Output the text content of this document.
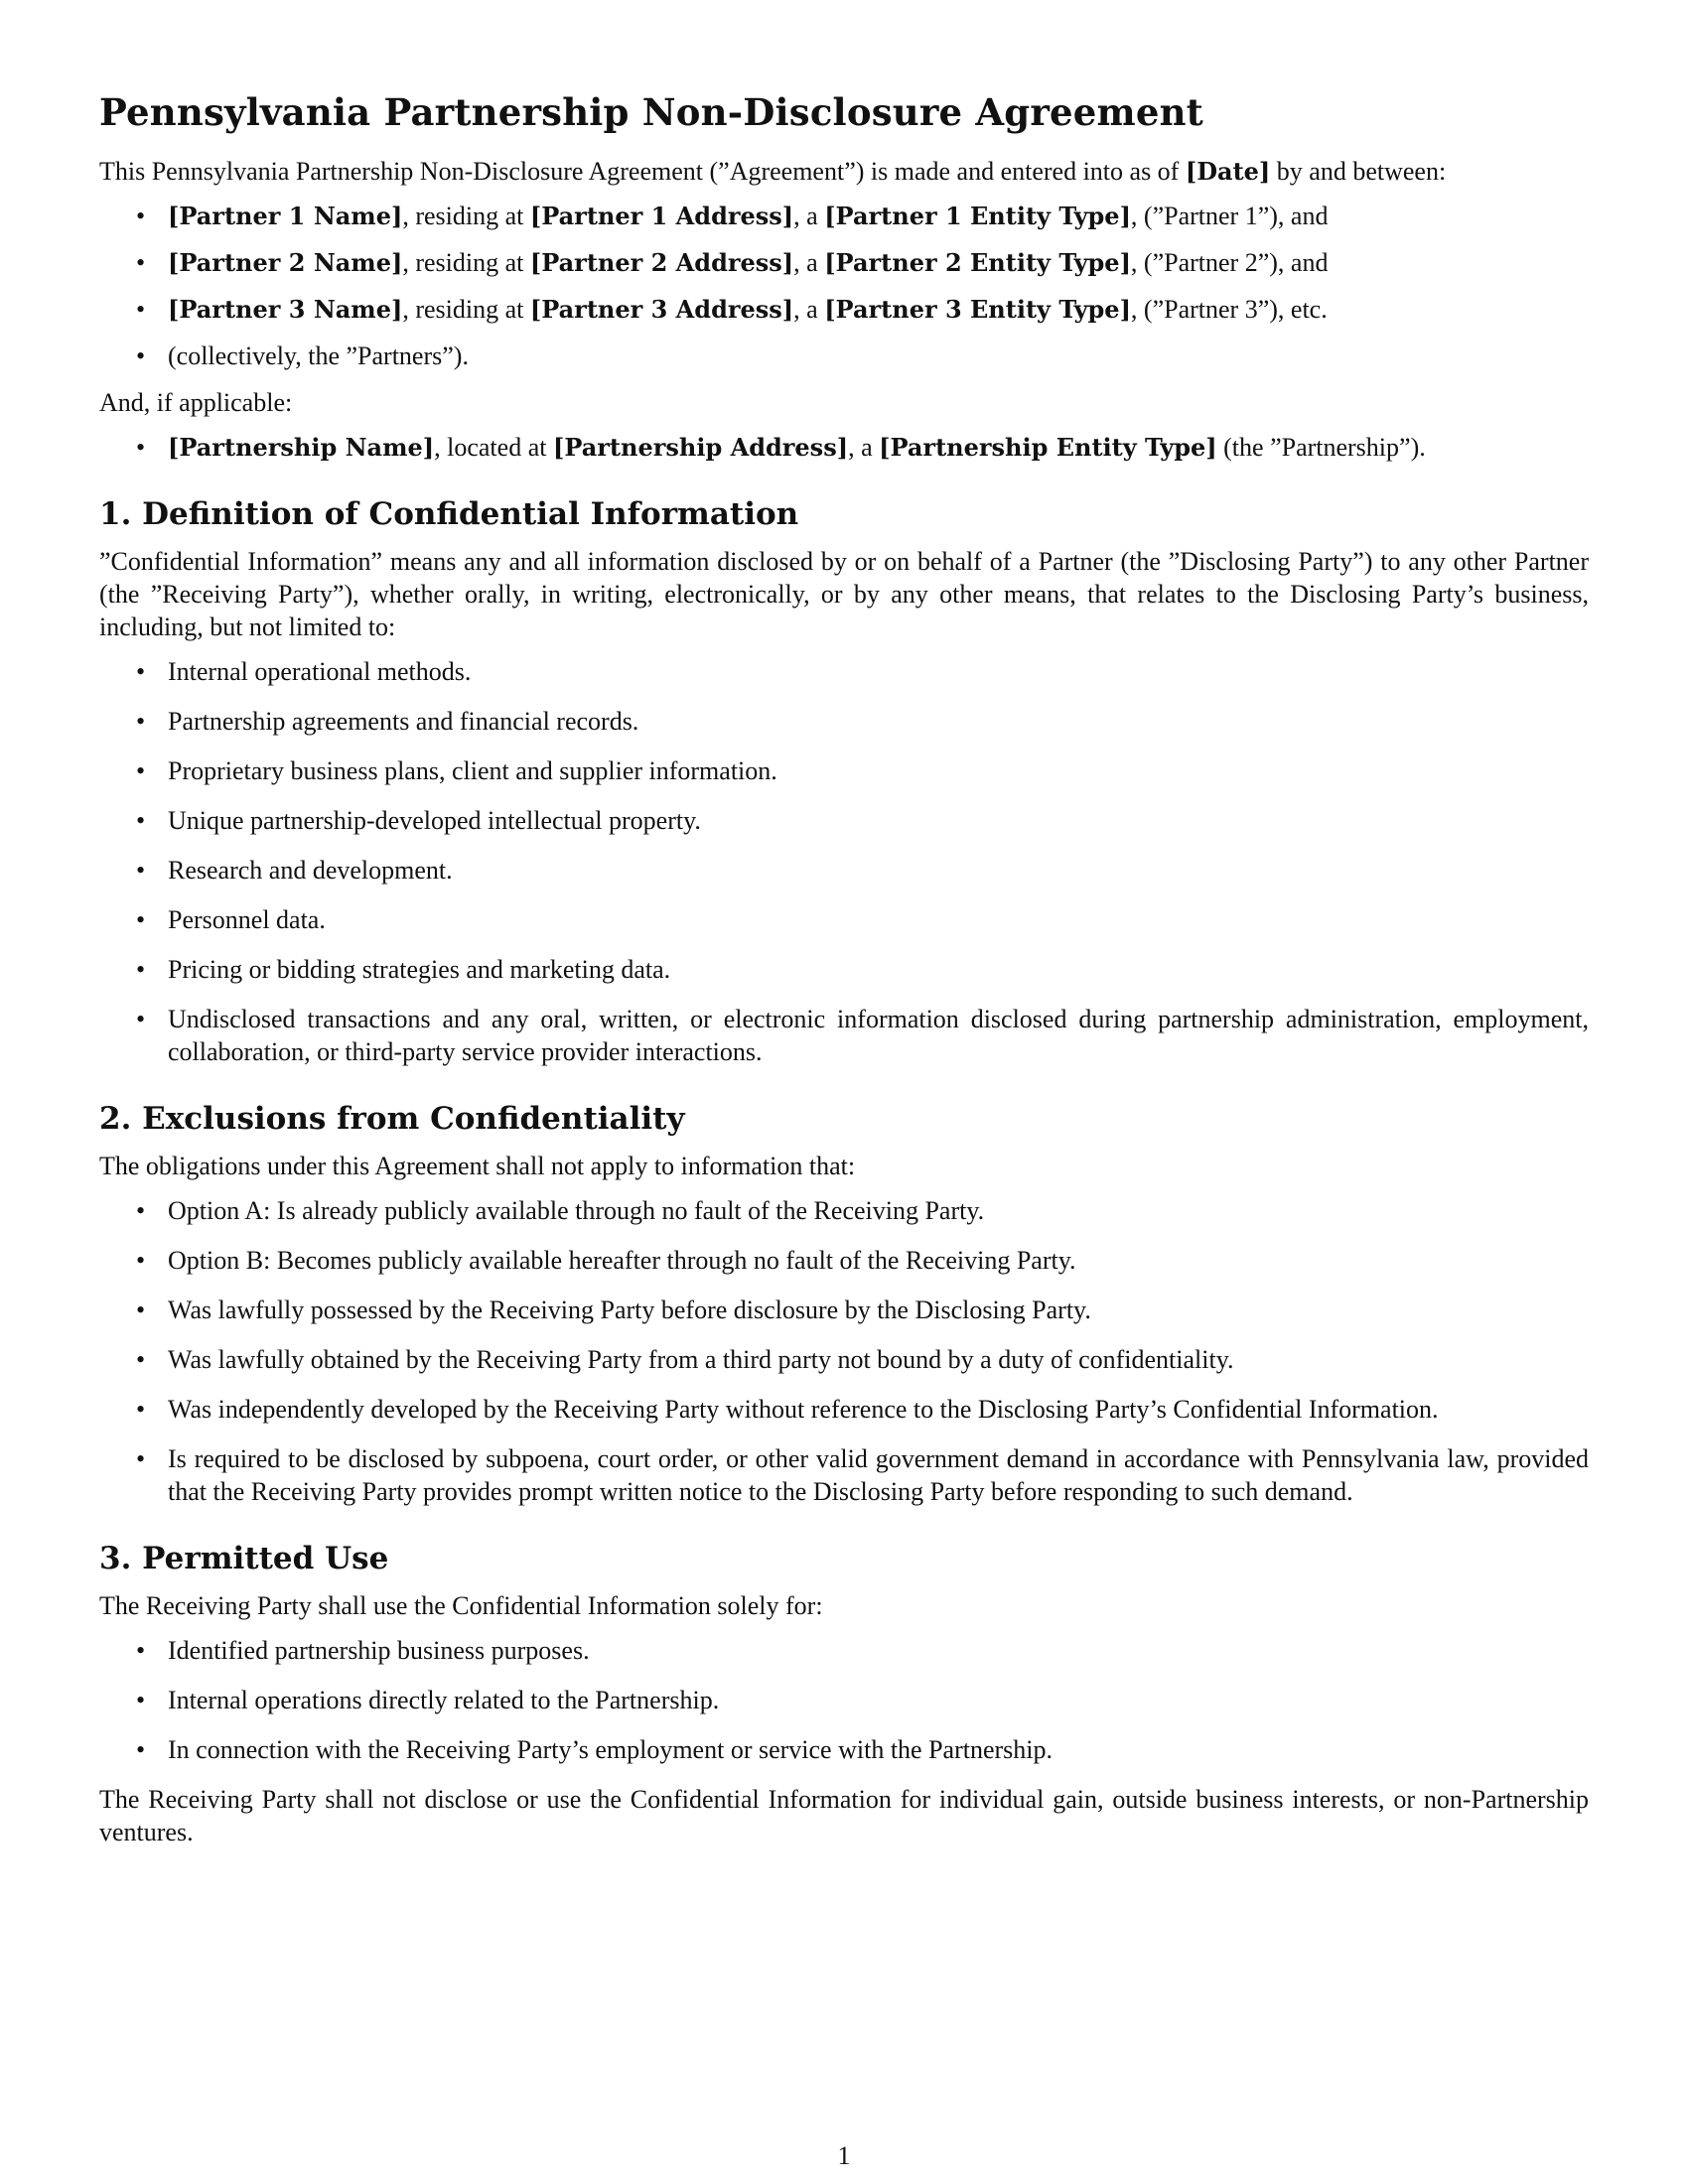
Pennsylvania Partnership Non-Disclosure Agreement

This Pennsylvania Partnership Non-Disclosure Agreement (”Agreement”) is made and entered into as of [Date] by and between:

• [Partner 1 Name], residing at [Partner 1 Address], a [Partner 1 Entity Type], (”Partner 1”), and
• [Partner 2 Name], residing at [Partner 2 Address], a [Partner 2 Entity Type], (”Partner 2”), and
• [Partner 3 Name], residing at [Partner 3 Address], a [Partner 3 Entity Type], (”Partner 3”), etc.
• (collectively, the ”Partners”).

And, if applicable:

• [Partnership Name], located at [Partnership Address], a [Partnership Entity Type] (the ”Partnership”).
1. Definition of Confidential Information

”Confidential Information” means any and all information disclosed by or on behalf of a Partner (the ”Disclosing Party”) to any other Partner (the ”Receiving Party”), whether orally, in writing, electronically, or by any other means, that relates to the Disclosing Party’s business, including, but not limited to:

• Internal operational methods.
• Partnership agreements and financial records.
• Proprietary business plans, client and supplier information.
• Unique partnership-developed intellectual property.
• Research and development.
• Personnel data.
• Pricing or bidding strategies and marketing data.
• Undisclosed transactions and any oral, written, or electronic information disclosed during partnership administration, employment, collaboration, or third-party service provider interactions.
2. Exclusions from Confidentiality

The obligations under this Agreement shall not apply to information that:

• Option A: Is already publicly available through no fault of the Receiving Party.
• Option B: Becomes publicly available hereafter through no fault of the Receiving Party.
• Was lawfully possessed by the Receiving Party before disclosure by the Disclosing Party.
• Was lawfully obtained by the Receiving Party from a third party not bound by a duty of confidentiality.
• Was independently developed by the Receiving Party without reference to the Disclosing Party’s Confidential Information.
• Is required to be disclosed by subpoena, court order, or other valid government demand in accordance with Pennsylvania law, provided that the Receiving Party provides prompt written notice to the Disclosing Party before responding to such demand.
3. Permitted Use

The Receiving Party shall use the Confidential Information solely for:

• Identified partnership business purposes.
• Internal operations directly related to the Partnership.
• In connection with the Receiving Party’s employment or service with the Partnership.

The Receiving Party shall not disclose or use the Confidential Information for individual gain, outside business interests, or non-Partnership ventures.

1
